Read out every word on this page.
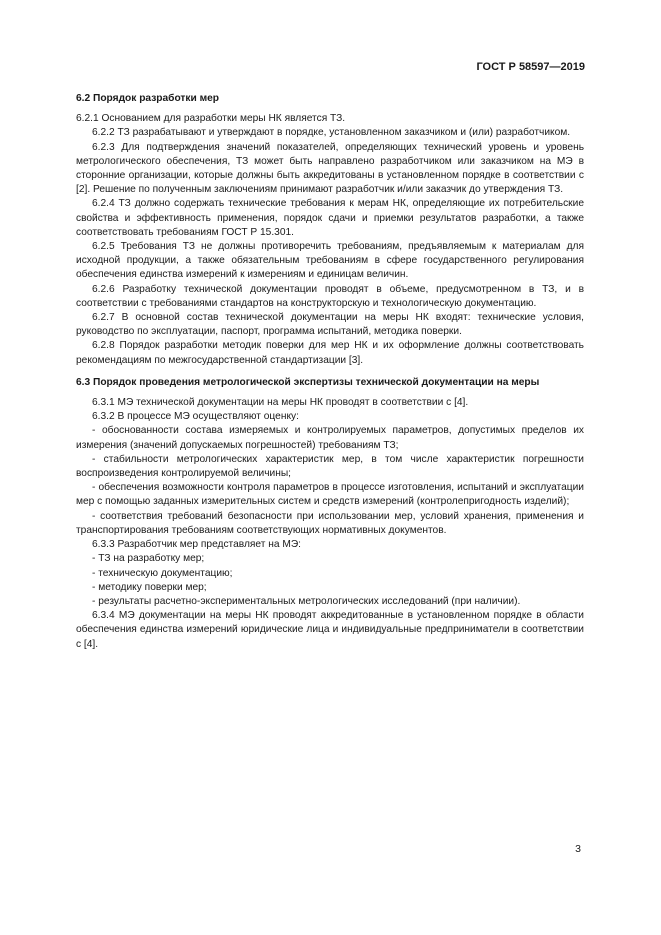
ГОСТ Р 58597—2019
6.2 Порядок разработки мер

6.2.1 Основанием для разработки меры НК является ТЗ.

6.2.2 ТЗ разрабатывают и утверждают в порядке, установленном заказчиком и (или) разработчиком.

6.2.3 Для подтверждения значений показателей, определяющих технический уровень и уровень метрологического обеспечения, ТЗ может быть направлено разработчиком или заказчиком на МЭ в сторонние организации, которые должны быть аккредитованы в установленном порядке в соответствии с [2]. Решение по полученным заключениям принимают разработчик и/или заказчик до утверждения ТЗ.

6.2.4 ТЗ должно содержать технические требования к мерам НК, определяющие их потребительские свойства и эффективность применения, порядок сдачи и приемки результатов разработки, а также соответствовать требованиям ГОСТ Р 15.301.

6.2.5 Требования ТЗ не должны противоречить требованиям, предъявляемым к материалам для исходной продукции, а также обязательным требованиям в сфере государственного регулирования обеспечения единства измерений к измерениям и единицам величин.

6.2.6 Разработку технической документации проводят в объеме, предусмотренном в ТЗ, и в соответствии с требованиями стандартов на конструкторскую и технологическую документацию.

6.2.7 В основной состав технической документации на меры НК входят: технические условия, руководство по эксплуатации, паспорт, программа испытаний, методика поверки.

6.2.8 Порядок разработки методик поверки для мер НК и их оформление должны соответствовать рекомендациям по межгосударственной стандартизации [3].

6.3 Порядок проведения метрологической экспертизы технической документации на меры

6.3.1 МЭ технической документации на меры НК проводят в соответствии с [4].

6.3.2 В процессе МЭ осуществляют оценку:

- обоснованности состава измеряемых и контролируемых параметров, допустимых пределов их измерения (значений допускаемых погрешностей) требованиям ТЗ;

- стабильности метрологических характеристик мер, в том числе характеристик погрешности воспроизведения контролируемой величины;

- обеспечения возможности контроля параметров в процессе изготовления, испытаний и эксплуатации мер с помощью заданных измерительных систем и средств измерений (контролепригодность изделий);

- соответствия требований безопасности при использовании мер, условий хранения, применения и транспортирования требованиям соответствующих нормативных документов.

6.3.3 Разработчик мер представляет на МЭ:

- ТЗ на разработку мер;

- техническую документацию;

- методику поверки мер;

- результаты расчетно-экспериментальных метрологических исследований (при наличии).

6.3.4 МЭ документации на меры НК проводят аккредитованные в установленном порядке в области обеспечения единства измерений юридические лица и индивидуальные предприниматели в соответствии с [4].

3
